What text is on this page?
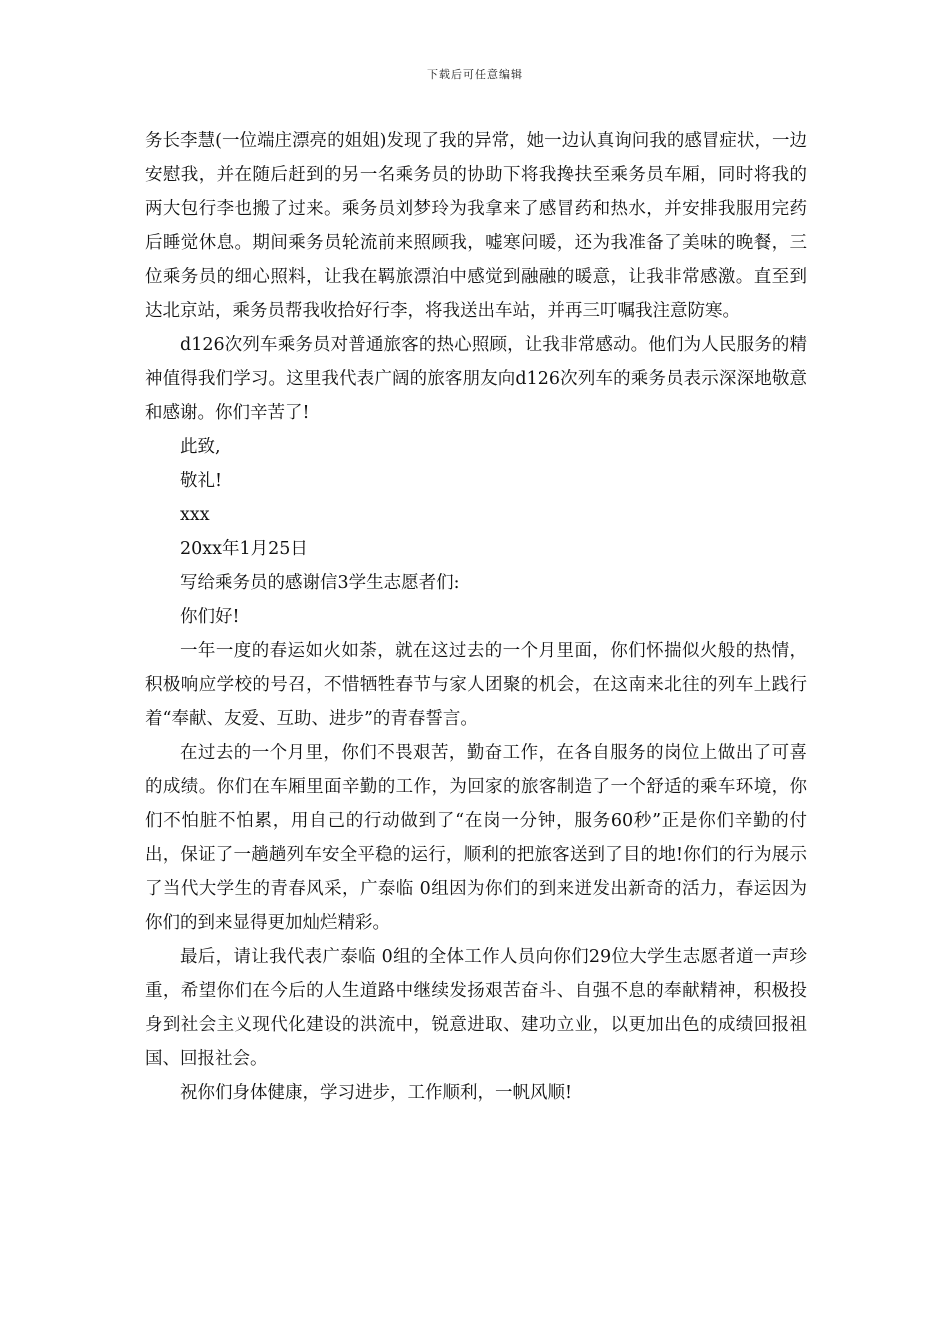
下载后可任意编辑

务长李慧(一位端庄漂亮的姐姐)发现了我的异常，她一边认真询问我的感冒症状，一边安慰我，并在随后赶到的另一名乘务员的协助下将我搀扶至乘务员车厢，同时将我的两大包行李也搬了过来。乘务员刘梦玲为我拿来了感冒药和热水，并安排我服用完药后睡觉休息。期间乘务员轮流前来照顾我，嘘寒问暖，还为我准备了美味的晚餐，三位乘务员的细心照料，让我在羁旅漂泊中感觉到融融的暖意，让我非常感激。直至到达北京站，乘务员帮我收拾好行李，将我送出车站，并再三叮嘱我注意防寒。

d126次列车乘务员对普通旅客的热心照顾，让我非常感动。他们为人民服务的精神值得我们学习。这里我代表广阔的旅客朋友向d126次列车的乘务员表示深深地敬意和感谢。你们辛苦了!

此致,

敬礼!

xxx

20xx年1月25日

写给乘务员的感谢信3学生志愿者们:

你们好!

一年一度的春运如火如荼，就在这过去的一个月里面，你们怀揣似火般的热情，积极响应学校的号召，不惜牺牲春节与家人团聚的机会，在这南来北往的列车上践行着“奉献、友爱、互助、进步”的青春誓言。

在过去的一个月里，你们不畏艰苦，勤奋工作，在各自服务的岗位上做出了可喜的成绩。你们在车厢里面辛勤的工作，为回家的旅客制造了一个舒适的乘车环境，你们不怕脏不怕累，用自己的行动做到了“在岗一分钟，服务60秒”正是你们辛勤的付出，保证了一趟趟列车安全平稳的运行，顺利的把旅客送到了目的地!你们的行为展示了当代大学生的青春风采，广泰临 0组因为你们的到来迸发出新奇的活力，春运因为你们的到来显得更加灿烂精彩。

最后，请让我代表广泰临 0组的全体工作人员向你们29位大学生志愿者道一声珍重，希望你们在今后的人生道路中继续发扬艰苦奋斗、自强不息的奉献精神，积极投身到社会主义现代化建设的洪流中，锐意进取、建功立业，以更加出色的成绩回报祖国、回报社会。

祝你们身体健康，学习进步，工作顺利，一帆风顺!
